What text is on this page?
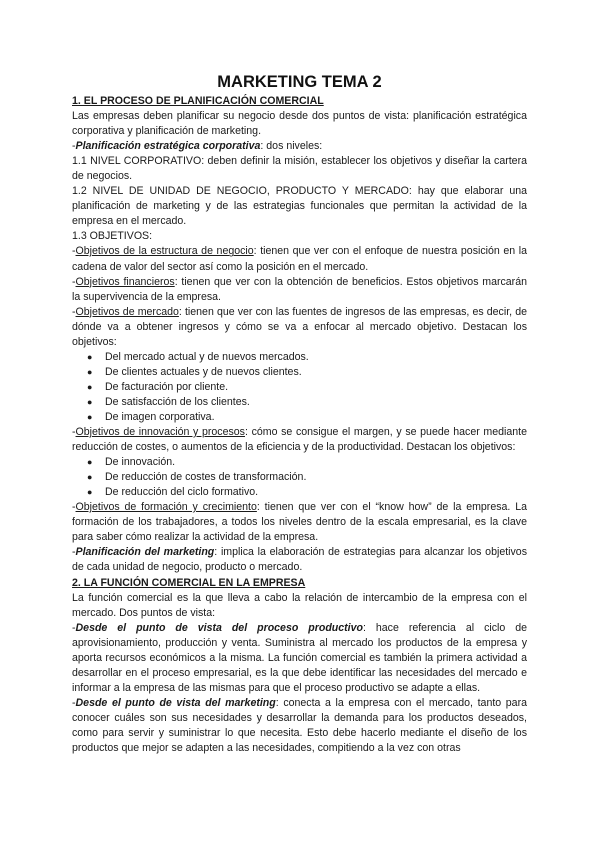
MARKETING TEMA 2
1. EL PROCESO DE PLANIFICACIÓN COMERCIAL

Las empresas deben planificar su negocio desde dos puntos de vista: planificación estratégica corporativa y planificación de marketing.

-Planificación estratégica corporativa: dos niveles:

1.1 NIVEL CORPORATIVO: deben definir la misión, establecer los objetivos y diseñar la cartera de negocios.

1.2 NIVEL DE UNIDAD DE NEGOCIO, PRODUCTO Y MERCADO: hay que elaborar una planificación de marketing y de las estrategias funcionales que permitan la actividad de la empresa en el mercado.

1.3 OBJETIVOS:

-Objetivos de la estructura de negocio: tienen que ver con el enfoque de nuestra posición en la cadena de valor del sector así como la posición en el mercado.

-Objetivos financieros: tienen que ver con la obtención de beneficios. Estos objetivos marcarán la supervivencia de la empresa.

-Objetivos de mercado: tienen que ver con las fuentes de ingresos de las empresas, es decir, de dónde va a obtener ingresos y cómo se va a enfocar al mercado objetivo. Destacan los objetivos:

● Del mercado actual y de nuevos mercados.
● De clientes actuales y de nuevos clientes.
● De facturación por cliente.
● De satisfacción de los clientes.
● De imagen corporativa.

-Objetivos de innovación y procesos: cómo se consigue el margen, y se puede hacer mediante reducción de costes, o aumentos de la eficiencia y de la productividad. Destacan los objetivos:

● De innovación.
● De reducción de costes de transformación.
● De reducción del ciclo formativo.

-Objetivos de formación y crecimiento: tienen que ver con el “know how” de la empresa. La formación de los trabajadores, a todos los niveles dentro de la escala empresarial, es la clave para saber cómo realizar la actividad de la empresa.

-Planificación del marketing: implica la elaboración de estrategias para alcanzar los objetivos de cada unidad de negocio, producto o mercado.

2. LA FUNCIÓN COMERCIAL EN LA EMPRESA

La función comercial es la que lleva a cabo la relación de intercambio de la empresa con el mercado. Dos puntos de vista:

-Desde el punto de vista del proceso productivo: hace referencia al ciclo de aprovisionamiento, producción y venta. Suministra al mercado los productos de la empresa y aporta recursos económicos a la misma. La función comercial es también la primera actividad a desarrollar en el proceso empresarial, es la que debe identificar las necesidades del mercado e informar a la empresa de las mismas para que el proceso productivo se adapte a ellas.

-Desde el punto de vista del marketing: conecta a la empresa con el mercado, tanto para conocer cuáles son sus necesidades y desarrollar la demanda para los productos deseados, como para servir y suministrar lo que necesita. Esto debe hacerlo mediante el diseño de los productos que mejor se adapten a las necesidades, compitiendo a la vez con otras
